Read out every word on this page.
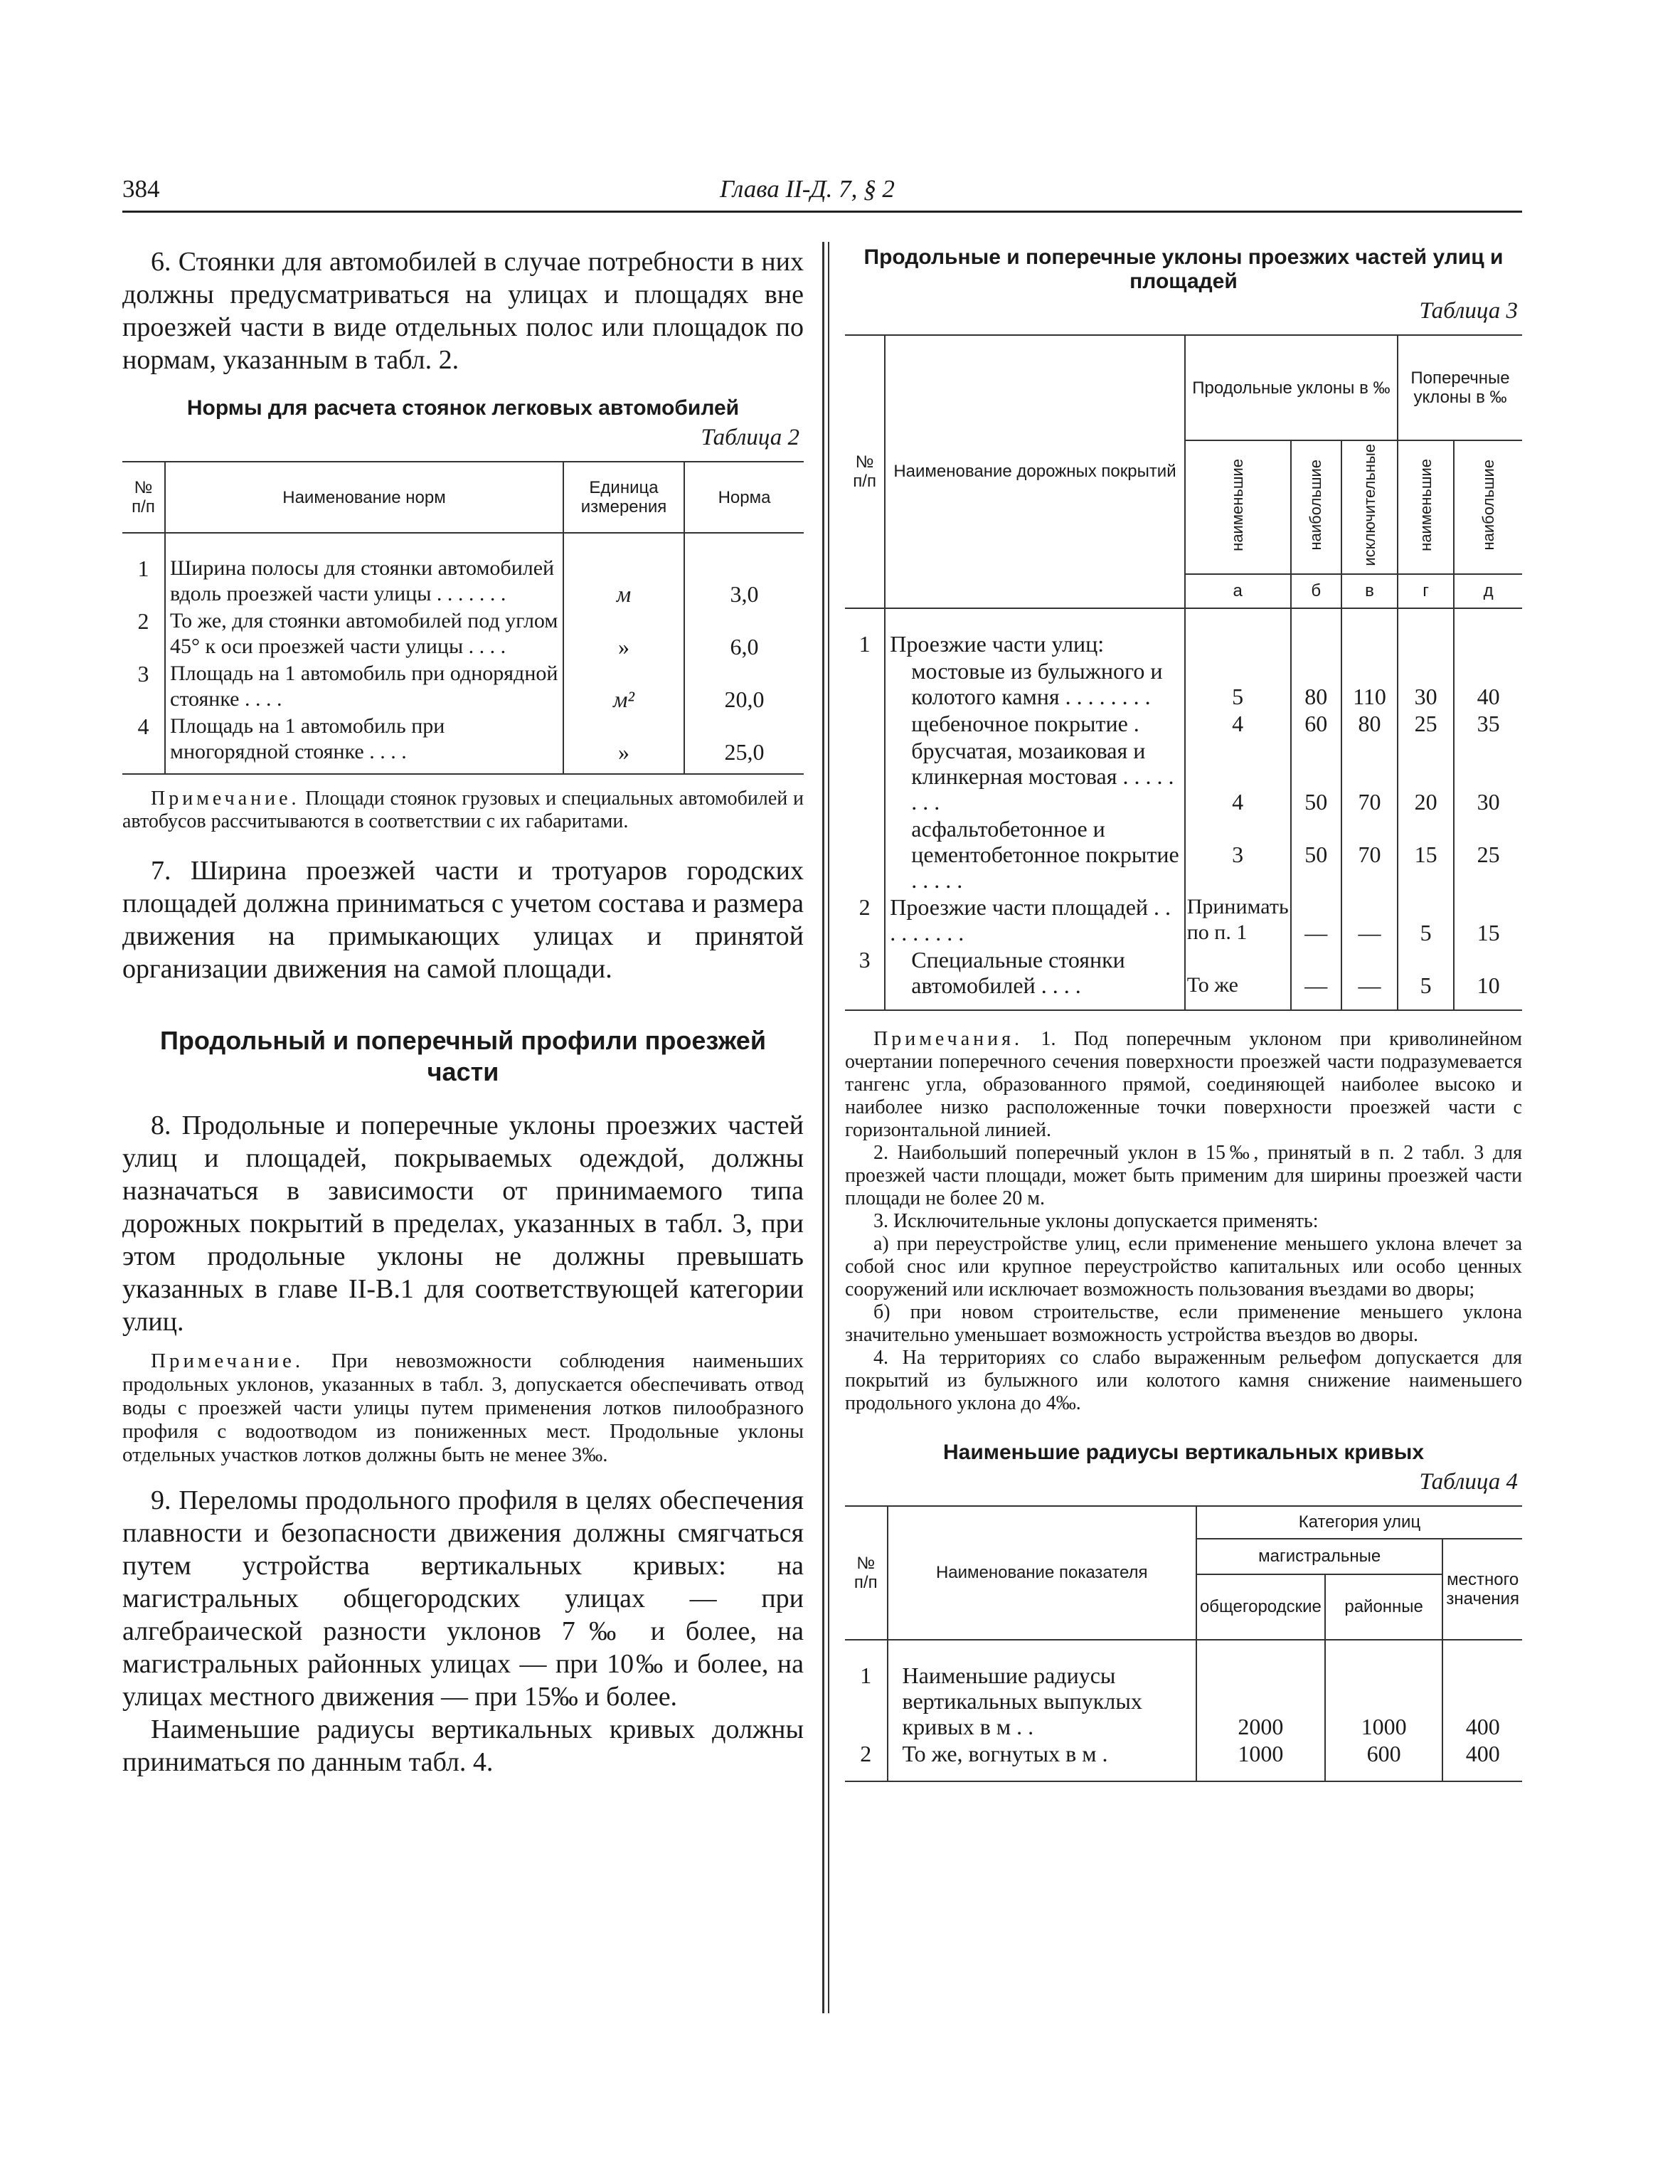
384	Глава II-Д. 7, § 2

6. Стоянки для автомобилей в случае потребности в них должны предусматриваться на улицах и площадях вне проезжей части в виде отдельных полос или площадок по нормам, указанным в табл. 2.

Нормы для расчета стоянок легковых автомобилей

Таблица 2

№ п/п	Наименование норм	Единица измерения	Норма

1	Ширина полосы для стоянки автомобилей вдоль проезжей части улицы . . . . . . .	м	3,0
2	То же, для стоянки автомобилей под углом 45° к оси проезжей части улицы . . . .	»	6,0
3	Площадь на 1 автомобиль при однорядной стоянке . . . .	м²	20,0
4	Площадь на 1 автомобиль при многорядной стоянке . . . .	»	25,0

Примечание. Площади стоянок грузовых и специальных автомобилей и автобусов рассчитываются в соответствии с их габаритами.

7. Ширина проезжей части и тротуаров городских площадей должна приниматься с учетом состава и размера движения на примыкающих улицах и принятой организации движения на самой площади.

Продольный и поперечный профили проезжей части

8. Продольные и поперечные уклоны проезжих частей улиц и площадей, покрываемых одеждой, должны назначаться в зависимости от принимаемого типа дорожных покрытий в пределах, указанных в табл. 3, при этом продольные уклоны не должны превышать указанных в главе II-В.1 для соответствующей категории улиц.

Примечание. При невозможности соблюдения наименьших продольных уклонов, указанных в табл. 3, допускается обеспечивать отвод воды с проезжей части улицы путем применения лотков пилообразного профиля с водоотводом из пониженных мест. Продольные уклоны отдельных участков лотков должны быть не менее 3‰.

9. Переломы продольного профиля в целях обеспечения плавности и безопасности движения должны смягчаться путем устройства вертикальных кривых: на магистральных общегородских улицах — при алгебраической разности уклонов 7‰ и более, на магистральных районных улицах — при 10‰ и более, на улицах местного движения — при 15‰ и более.

Наименьшие радиусы вертикальных кривых должны приниматься по данным табл. 4.

Продольные и поперечные уклоны проезжих частей улиц и площадей

Таблица 3

№ п/п	Наименование дорожных покрытий	Продольные уклоны в ‰			Поперечные уклоны в ‰	
		наименьшие	наибольшие	исключительные	наименьшие	наибольшие
		а	б	в	г	д

1	Проезжие части улиц:					
	мостовые из булыжного и колотого камня . . . . . . . .	5	80	110	30	40
	щебеночное покрытие .	4	60	80	25	35
	брусчатая, мозаиковая и клинкерная мостовая . . . . . . . .	4	50	70	20	30
	асфальтобетонное и цементобетонное покрытие . . . . .	3	50	70	15	25
2	Проезжие части площадей . . . . . . . . .	Принимать по п. 1	—	—	5	15
3	Специальные стоянки автомобилей . . . .	То же	—	—	5	10

Примечания. 1. Под поперечным уклоном при криволинейном очертании поперечного сечения поверхности проезжей части подразумевается тангенс угла, образованного прямой, соединяющей наиболее высоко и наиболее низко расположенные точки поверхности проезжей части с горизонтальной линией.

2. Наибольший поперечный уклон в 15‰, принятый в п. 2 табл. 3 для проезжей части площади, может быть применим для ширины проезжей части площади не более 20 м.

3. Исключительные уклоны допускается применять:

а) при переустройстве улиц, если применение меньшего уклона влечет за собой снос или крупное переустройство капитальных или особо ценных сооружений или исключает возможность пользования въездами во дворы;

б) при новом строительстве, если применение меньшего уклона значительно уменьшает возможность устройства въездов во дворы.

4. На территориях со слабо выраженным рельефом допускается для покрытий из булыжного или колотого камня снижение наименьшего продольного уклона до 4‰.

Наименьшие радиусы вертикальных кривых

Таблица 4

№ п/п	Наименование показателя	Категория улиц		
		магистральные		местного значения
		общегородские	районные	

1	Наименьшие радиусы вертикальных выпуклых кривых в м . .	2000	1000	400
2	То же, вогнутых в м .	1000	600	400
